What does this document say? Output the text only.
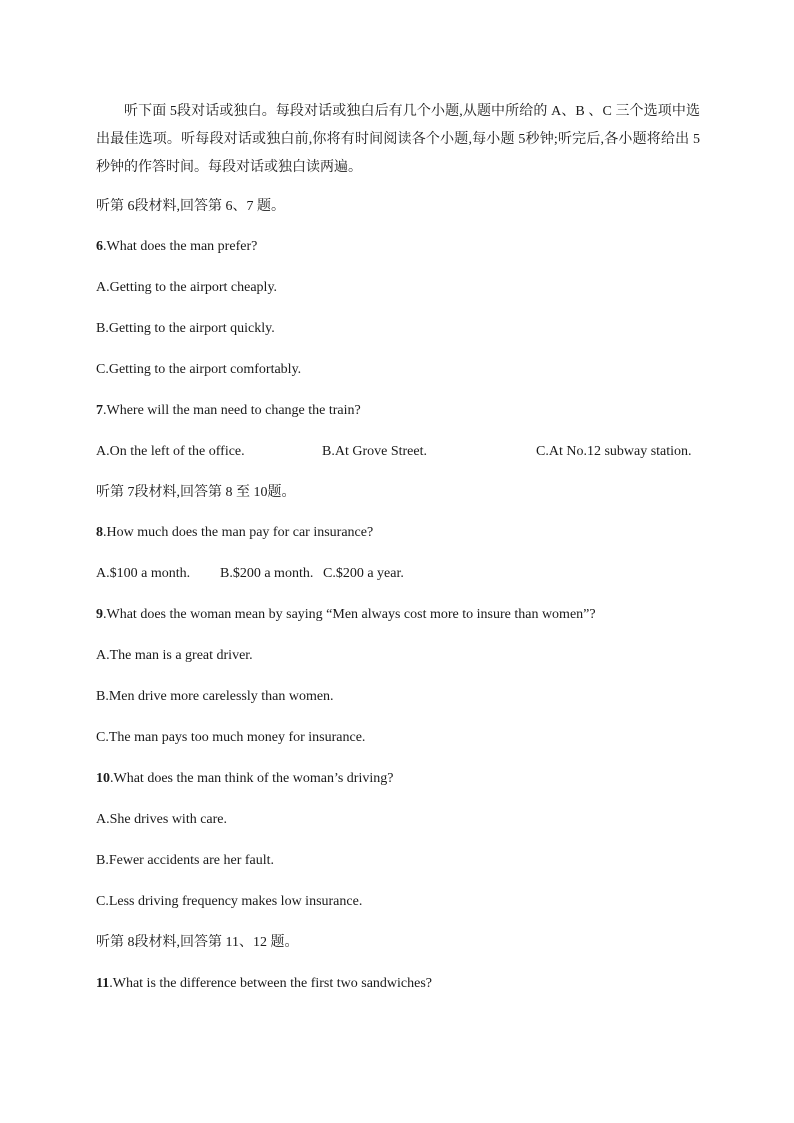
听下面 5段对话或独白。每段对话或独白后有几个小题,从题中所给的 A、B 、C 三个选项中选出最佳选项。听每段对话或独白前,你将有时间阅读各个小题,每小题 5秒钟;听完后,各小题将给出 5秒钟的作答时间。每段对话或独白读两遍。
听第 6段材料,回答第 6、7 题。
6.What does the man prefer?
A.Getting to the airport cheaply.
B.Getting to the airport quickly.
C.Getting to the airport comfortably.
7.Where will the man need to change the train?
A.On the left of the office.	B.At Grove Street.	C.At No.12 subway station.
听第 7段材料,回答第 8 至 10题。
8.How much does the man pay for car insurance?
A.$100 a month. B.$200 a month. C.$200 a year.
9.What does the woman mean by saying “Men always cost more to insure than women”?
A.The man is a great driver.
B.Men drive more carelessly than women.
C.The man pays too much money for insurance.
10.What does the man think of the woman’s driving?
A.She drives with care.
B.Fewer accidents are her fault.
C.Less driving frequency makes low insurance.
听第 8段材料,回答第 11、12 题。
11.What is the difference between the first two sandwiches?
